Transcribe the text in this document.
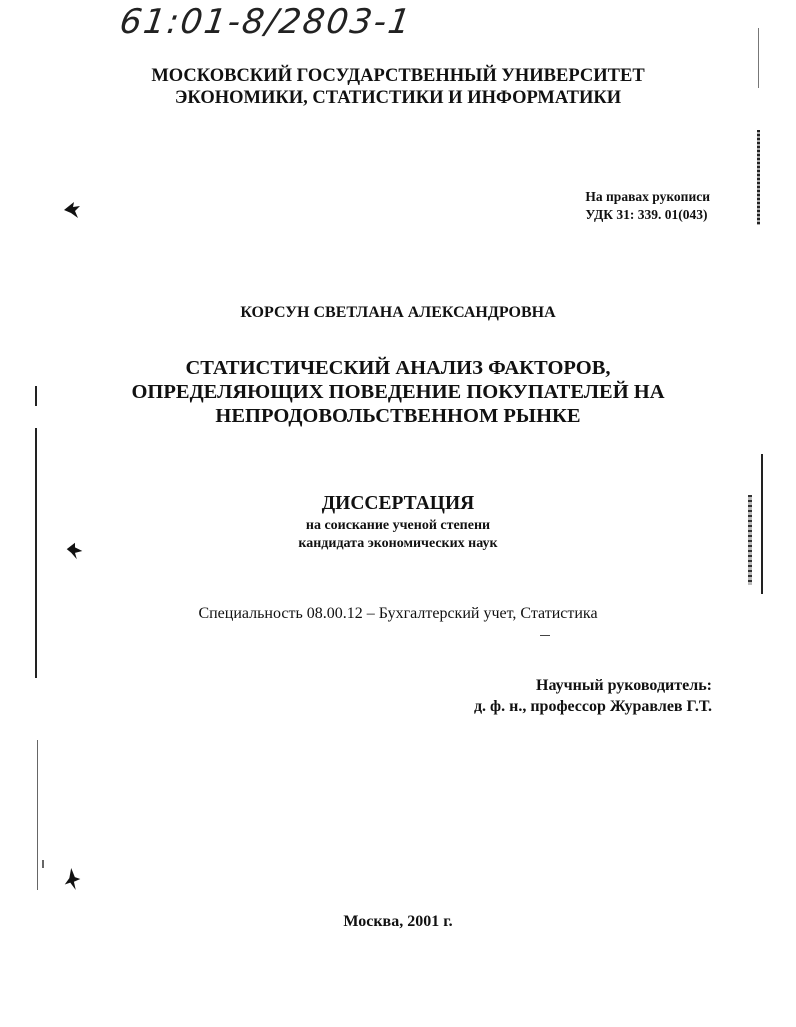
61:01-8/2803-1
МОСКОВСКИЙ ГОСУДАРСТВЕННЫЙ УНИВЕРСИТЕТ
ЭКОНОМИКИ, СТАТИСТИКИ И ИНФОРМАТИКИ
На правах рукописи
УДК 31: 339. 01(043)
КОРСУН СВЕТЛАНА АЛЕКСАНДРОВНА
СТАТИСТИЧЕСКИЙ АНАЛИЗ ФАКТОРОВ,
ОПРЕДЕЛЯЮЩИХ ПОВЕДЕНИЕ ПОКУПАТЕЛЕЙ НА
НЕПРОДОВОЛЬСТВЕННОМ РЫНКЕ
ДИССЕРТАЦИЯ
на соискание ученой степени
кандидата экономических наук
Специальность 08.00.12 – Бухгалтерский учет, Статистика
Научный руководитель:
д. ф. н., профессор Журавлев Г.Т.
Москва, 2001 г.
